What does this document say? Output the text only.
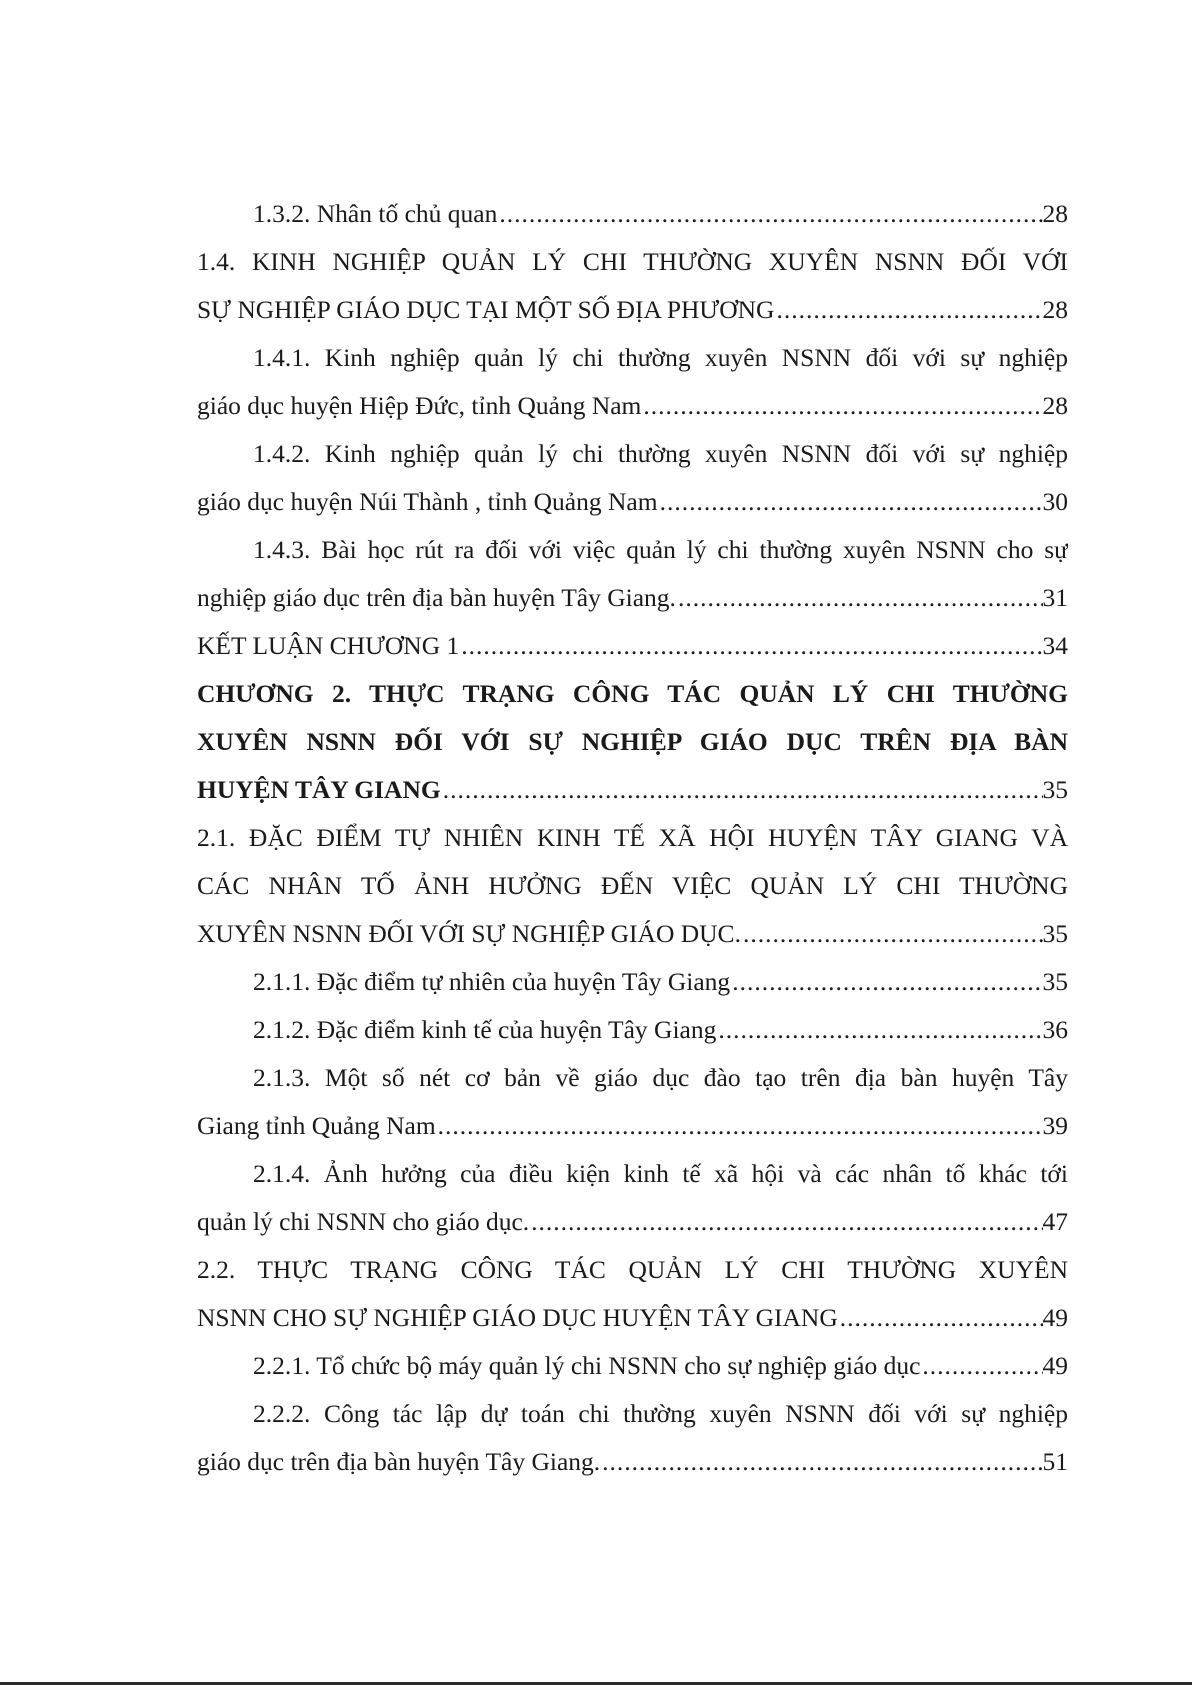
1.3.2. Nhân tố chủ quan .....	28
1.4. KINH NGHIỆP QUẢN LÝ CHI THƯỜNG XUYÊN NSNN ĐỐI VỚI
SỰ NGHIỆP GIÁO DỤC TẠI MỘT SỐ ĐỊA PHƯƠNG .....	28
1.4.1. Kinh nghiệp quản lý chi thường xuyên NSNN đối với sự nghiệp
giáo dục huyện Hiệp Đức, tỉnh Quảng Nam .....	28
1.4.2. Kinh nghiệp quản lý chi thường xuyên NSNN đối với sự nghiệp
giáo dục huyện Núi Thành , tỉnh Quảng Nam .....	30
1.4.3. Bài học rút ra đối với việc quản lý chi thường xuyên NSNN cho sự
nghiệp giáo dục trên địa bàn huyện Tây Giang. .....	31
KẾT LUẬN CHƯƠNG 1 .....	34
CHƯƠNG 2. THỰC TRẠNG CÔNG TÁC QUẢN LÝ CHI THƯỜNG
XUYÊN NSNN ĐỐI VỚI SỰ NGHIỆP GIÁO DỤC TRÊN ĐỊA BÀN
HUYỆN TÂY GIANG .....	35
2.1. ĐẶC ĐIỂM TỰ NHIÊN KINH TẾ XÃ HỘI HUYỆN TÂY GIANG VÀ
CÁC NHÂN TỐ ẢNH HƯỞNG ĐẾN VIỆC QUẢN LÝ CHI THƯỜNG
XUYÊN NSNN ĐỐI VỚI SỰ NGHIỆP GIÁO DỤC. .....	35
2.1.1. Đặc điểm tự nhiên của huyện Tây Giang .....	35
2.1.2. Đặc điểm kinh tế của huyện Tây Giang .....	36
2.1.3. Một số nét cơ bản về giáo dục đào tạo trên địa bàn huyện Tây
Giang tỉnh Quảng Nam .....	39
2.1.4. Ảnh hưởng của điều kiện kinh tế xã hội và các nhân tố khác tới
quản lý chi NSNN cho giáo dục. .....	47
2.2. THỰC TRẠNG CÔNG TÁC QUẢN LÝ CHI THƯỜNG XUYÊN
NSNN CHO SỰ NGHIỆP GIÁO DỤC HUYỆN TÂY GIANG .....	49
2.2.1. Tổ chức bộ máy quản lý chi NSNN cho sự nghiệp giáo dục .....	49
2.2.2. Công tác lập dự toán chi thường xuyên NSNN đối với sự nghiệp
giáo dục trên địa bàn huyện Tây Giang. .....	51
